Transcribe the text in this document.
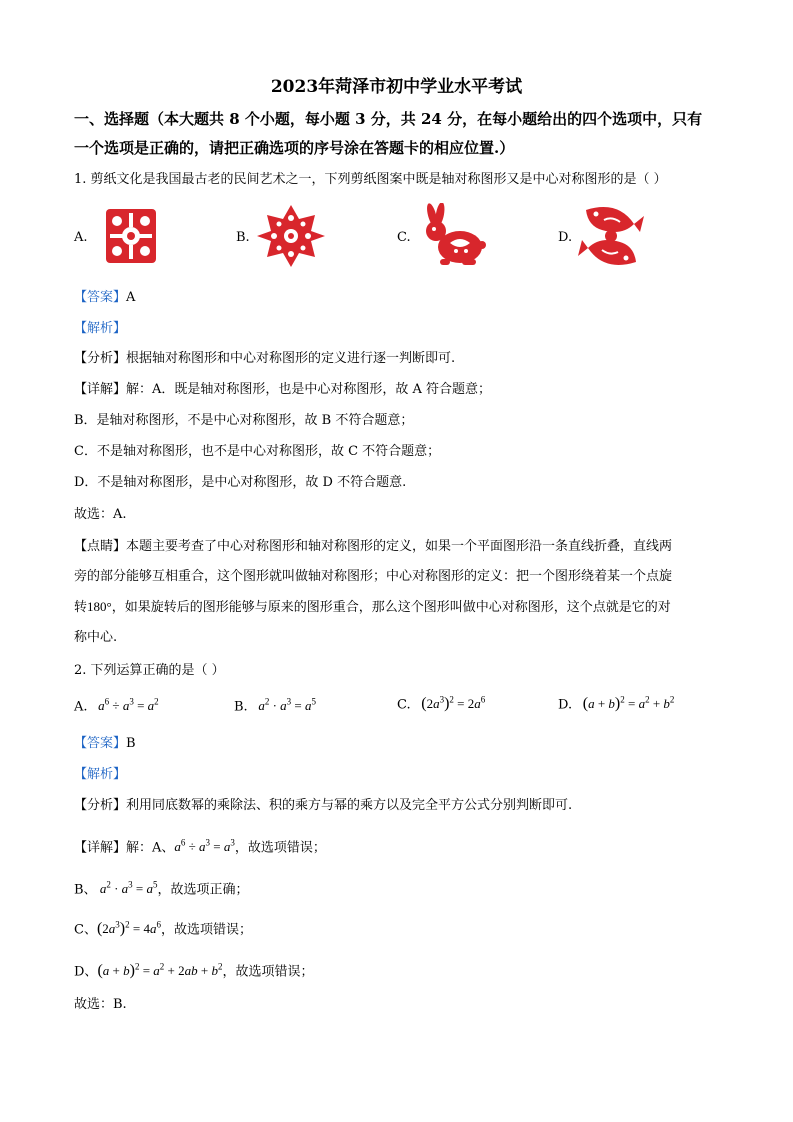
2023年菏泽市初中学业水平考试
一、选择题（本大题共 8 个小题，每小题 3 分，共 24 分，在每小题给出的四个选项中，只有
一个选项是正确的，请把正确选项的序号涂在答题卡的相应位置.）
1. 剪纸文化是我国最古老的民间艺术之一，下列剪纸图案中既是轴对称图形又是中心对称图形的是（ ）
A.	B.	C.	D.
【答案】A
【解析】
【分析】根据轴对称图形和中心对称图形的定义进行逐一判断即可.
【详解】解：A．既是轴对称图形，也是中心对称图形，故 A 符合题意；
B．是轴对称图形，不是中心对称图形，故 B 不符合题意；
C．不是轴对称图形，也不是中心对称图形，故 C 不符合题意；
D．不是轴对称图形，是中心对称图形，故 D 不符合题意.
故选：A.
【点睛】本题主要考查了中心对称图形和轴对称图形的定义，如果一个平面图形沿一条直线折叠，直线两
旁的部分能够互相重合，这个图形就叫做轴对称图形；中心对称图形的定义：把一个图形绕着某一个点旋
转180°，如果旋转后的图形能够与原来的图形重合，那么这个图形叫做中心对称图形，这个点就是它的对
称中心.
2. 下列运算正确的是（ ）
A.   $a^6 \div a^3 = a^2$	B.   $a^2 \cdot a^3 = a^5$	C. $(2a^3)^2 = 2a^6$	D. $(a + b)^2 = a^2 + b^2$
【答案】B
【解析】
【分析】利用同底数幂的乘除法、积的乘方与幂的乘方以及完全平方公式分别判断即可.
【详解】解：A、$a^6 \div a^3 = a^3$，故选项错误；
B、 $a^2 \cdot a^3 = a^5$，故选项正确；
C、$(2a^3)^2 = 4a^6$，故选项错误；
D、$(a + b)^2 = a^2 + 2ab + b^2$，故选项错误；
故选：B.
